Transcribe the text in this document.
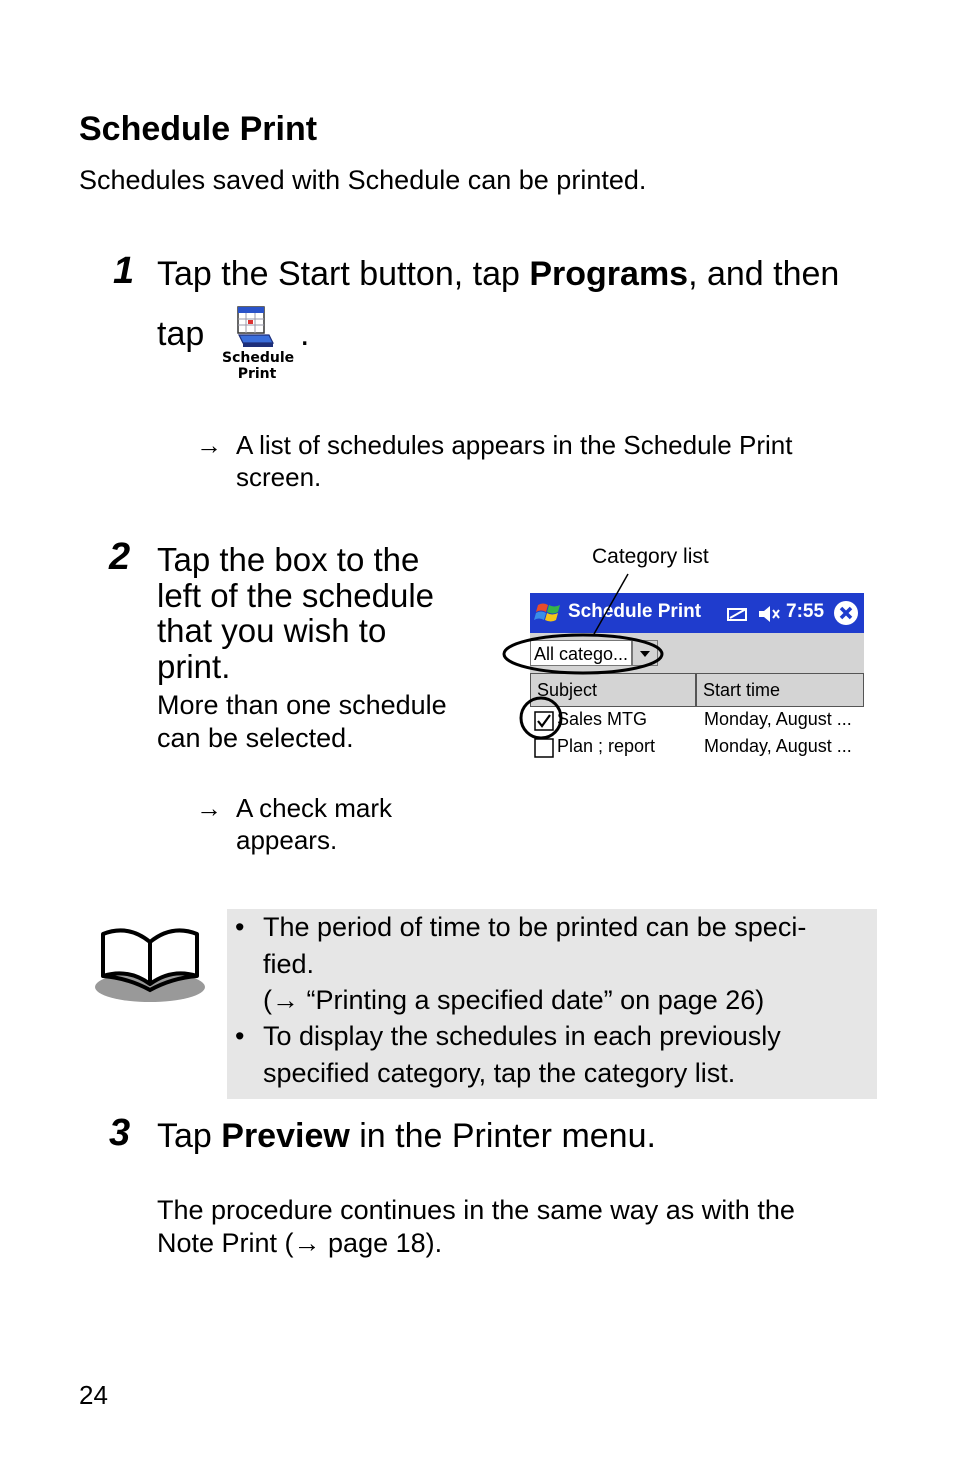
Schedule Print
Schedules saved with Schedule can be printed.
1 Tap the Start button, tap Programs, and then
tap	.
Schedule
Print
→ A list of schedules appears in the Schedule Print
screen.
2 Tap the box to the
left of the schedule
that you wish to
print.
More than one schedule
can be selected.
→ A check mark
appears.
Category list
Schedule Print	7:55
All catego...
Subject	Start time
Sales MTG	Monday, August ...
Plan ; report	Monday, August ...
• The period of time to be printed can be speci-
fied.
(→ “Printing a specified date” on page 26)
• To display the schedules in each previously
specified category, tap the category list.
3 Tap Preview in the Printer menu.
The procedure continues in the same way as with the
Note Print (→ page 18).
24
